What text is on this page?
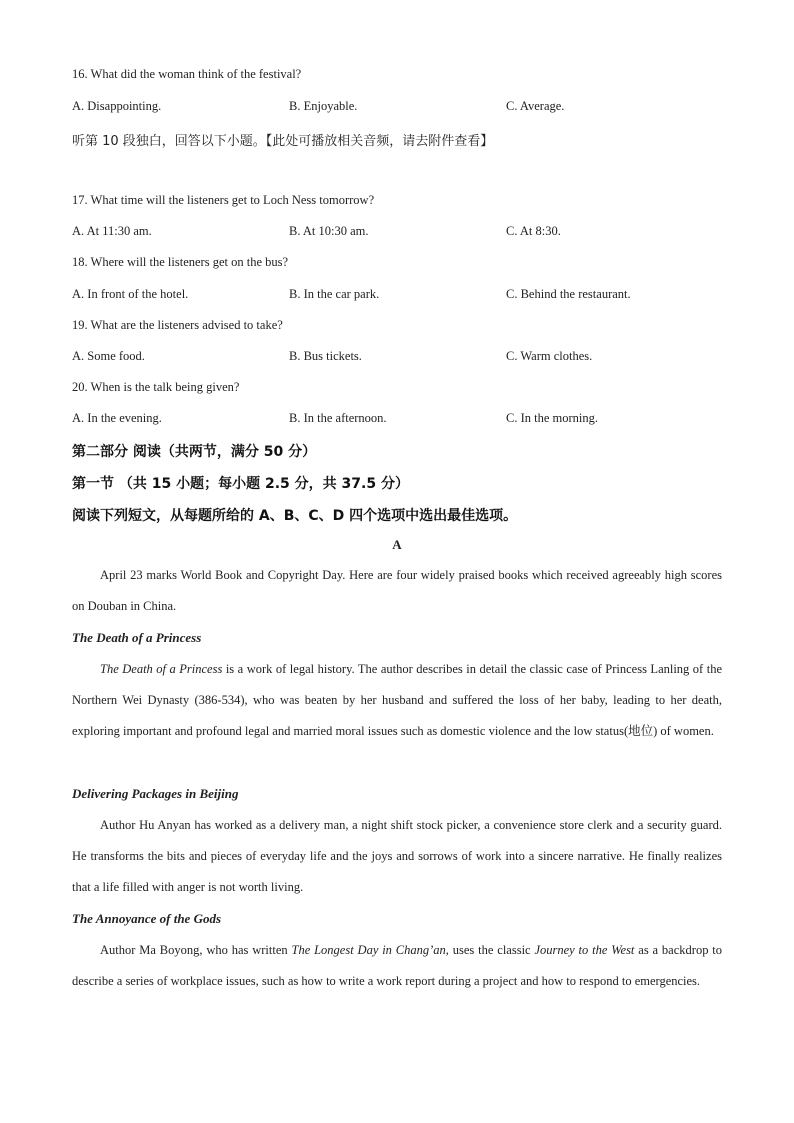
16. What did the woman think of the festival?
A. Disappointing.	B. Enjoyable.	C. Average.
听第 10 段独白，回答以下小题。【此处可播放相关音频，请去附件查看】
17. What time will the listeners get to Loch Ness tomorrow?
A. At 11:30 am.	B. At 10:30 am.	C. At 8:30.
18. Where will the listeners get on the bus?
A. In front of the hotel.	B. In the car park.	C. Behind the restaurant.
19. What are the listeners advised to take?
A. Some food.	B. Bus tickets.	C. Warm clothes.
20. When is the talk being given?
A. In the evening.	B. In the afternoon.	C. In the morning.
第二部分 阅读（共两节，满分 50 分）
第一节 （共 15 小题；每小题 2.5 分，共 37.5 分）
阅读下列短文，从每题所给的 A、B、C、D 四个选项中选出最佳选项。
A
April 23 marks World Book and Copyright Day. Here are four widely praised books which received agreeably high scores on Douban in China.
The Death of a Princess
The Death of a Princess is a work of legal history. The author describes in detail the classic case of Princess Lanling of the Northern Wei Dynasty (386-534), who was beaten by her husband and suffered the loss of her baby, leading to her death, exploring important and profound legal and married moral issues such as domestic violence and the low status(地位) of women.
Delivering Packages in Beijing
Author Hu Anyan has worked as a delivery man, a night shift stock picker, a convenience store clerk and a security guard. He transforms the bits and pieces of everyday life and the joys and sorrows of work into a sincere narrative. He finally realizes that a life filled with anger is not worth living.
The Annoyance of the Gods
Author Ma Boyong, who has written The Longest Day in Chang’an, uses the classic Journey to the West as a backdrop to describe a series of workplace issues, such as how to write a work report during a project and how to respond to emergencies.
